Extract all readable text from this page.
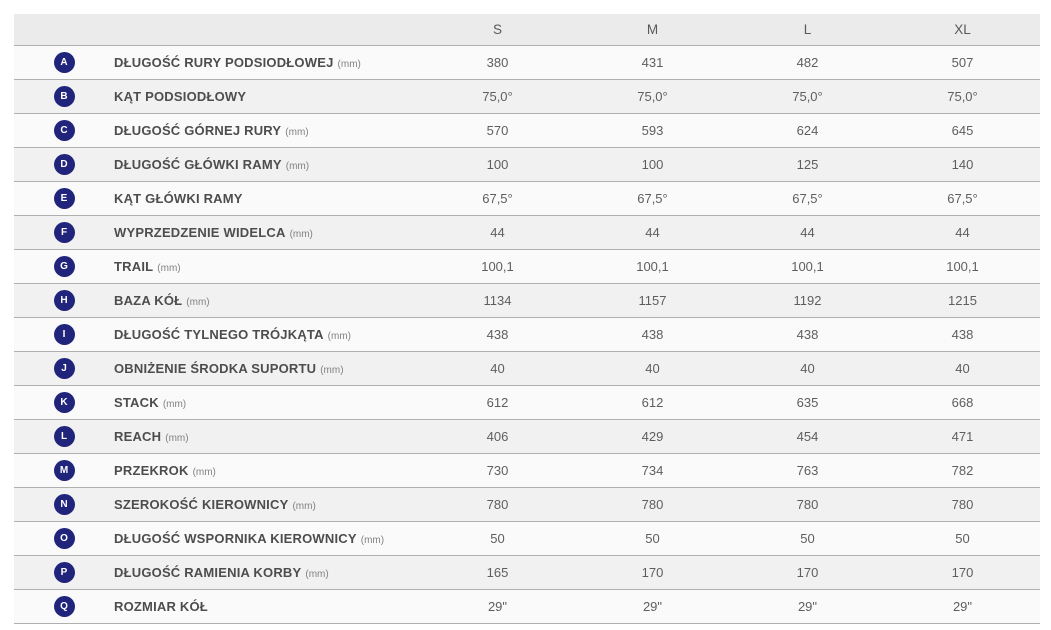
		S	M	L	XL

A	DŁUGOŚĆ RURY PODSIODŁOWEJ (mm)	380	431	482	507

B	KĄT PODSIODŁOWY	75,0°	75,0°	75,0°	75,0°

C	DŁUGOŚĆ GÓRNEJ RURY (mm)	570	593	624	645

D	DŁUGOŚĆ GŁÓWKI RAMY (mm)	100	100	125	140

E	KĄT GŁÓWKI RAMY	67,5°	67,5°	67,5°	67,5°

F	WYPRZEDZENIE WIDELCA (mm)	44	44	44	44

G	TRAIL (mm)	100,1	100,1	100,1	100,1

H	BAZA KÓŁ (mm)	1134	1157	1192	1215

I	DŁUGOŚĆ TYLNEGO TRÓJKĄTA (mm)	438	438	438	438

J	OBNIŻENIE ŚRODKA SUPORTU (mm)	40	40	40	40

K	STACK (mm)	612	612	635	668

L	REACH (mm)	406	429	454	471

M	PRZEKROK (mm)	730	734	763	782

N	SZEROKOŚĆ KIEROWNICY (mm)	780	780	780	780

O	DŁUGOŚĆ WSPORNIKA KIEROWNICY (mm)	50	50	50	50

P	DŁUGOŚĆ RAMIENIA KORBY (mm)	165	170	170	170

Q	ROZMIAR KÓŁ	29"	29"	29"	29"
